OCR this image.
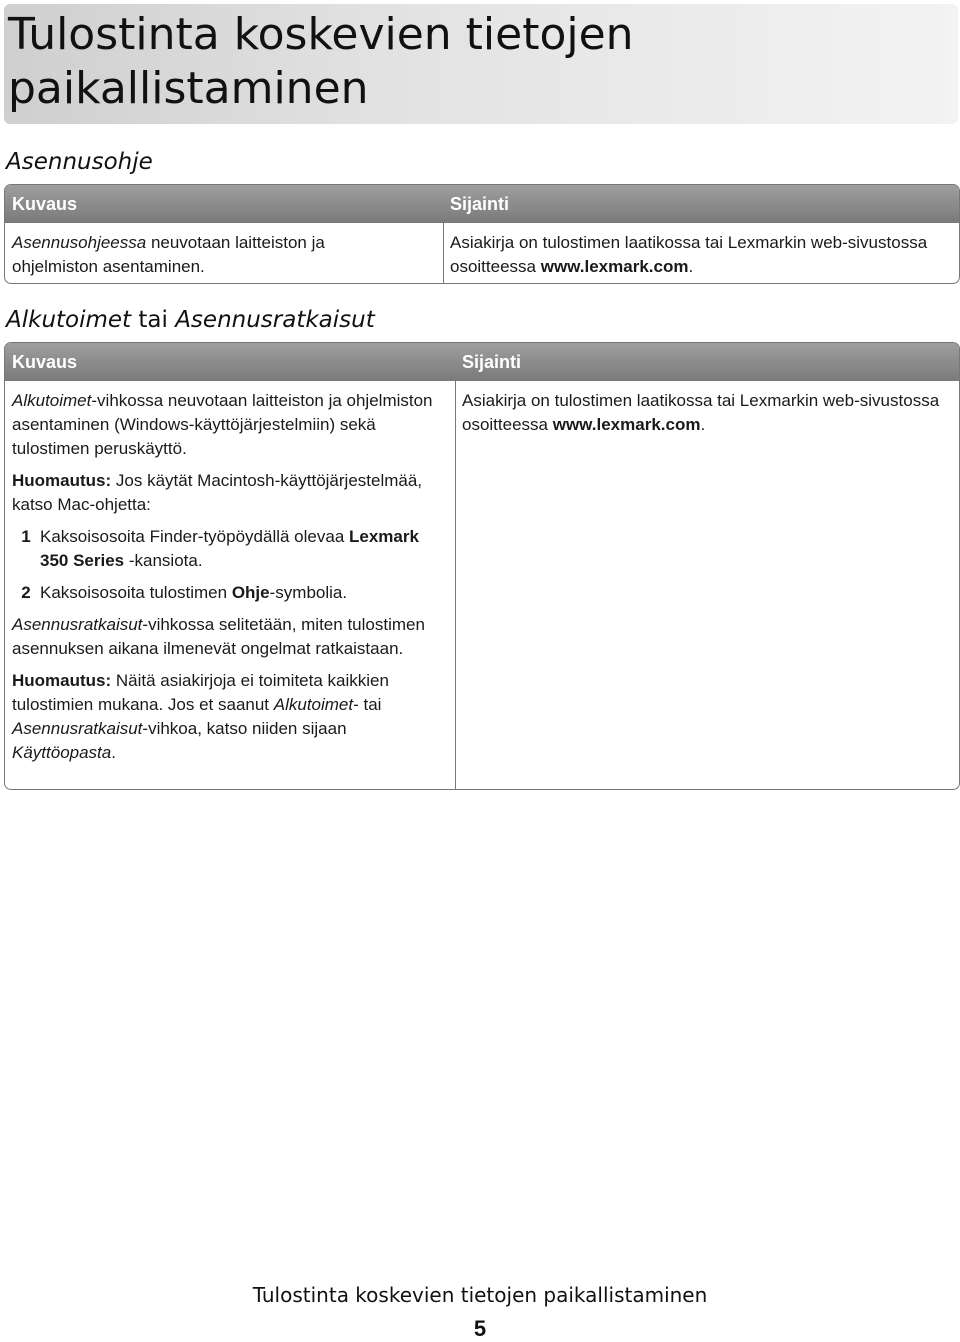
Tulostinta koskevien tietojen paikallistaminen
Asennusohje
Kuvaus	Sijainti

Asennusohjeessa neuvotaan laitteiston ja ohjelmiston asentaminen.

Asiakirja on tulostimen laatikossa tai Lexmarkin web-sivustossa osoitteessa www.lexmark.com.

Alkutoimet tai Asennusratkaisut
Kuvaus	Sijainti

Alkutoimet-vihkossa neuvotaan laitteiston ja ohjelmiston asentaminen (Windows-käyttöjärjestelmiin) sekä tulostimen peruskäyttö.

Huomautus: Jos käytät Macintosh-käyttöjärjestelmää, katso Mac-ohjetta:

1 Kaksoisosoita Finder-työpöydällä olevaa Lexmark 350 Series -kansiota.
2 Kaksoisosoita tulostimen Ohje-symbolia.

Asennusratkaisut-vihkossa selitetään, miten tulostimen asennuksen aikana ilmenevät ongelmat ratkaistaan.

Huomautus: Näitä asiakirjoja ei toimiteta kaikkien tulostimien mukana. Jos et saanut Alkutoimet- tai Asennusratkaisut-vihkoa, katso niiden sijaan Käyttöopasta.

Asiakirja on tulostimen laatikossa tai Lexmarkin web-sivustossa osoitteessa www.lexmark.com.

Tulostinta koskevien tietojen paikallistaminen
5
